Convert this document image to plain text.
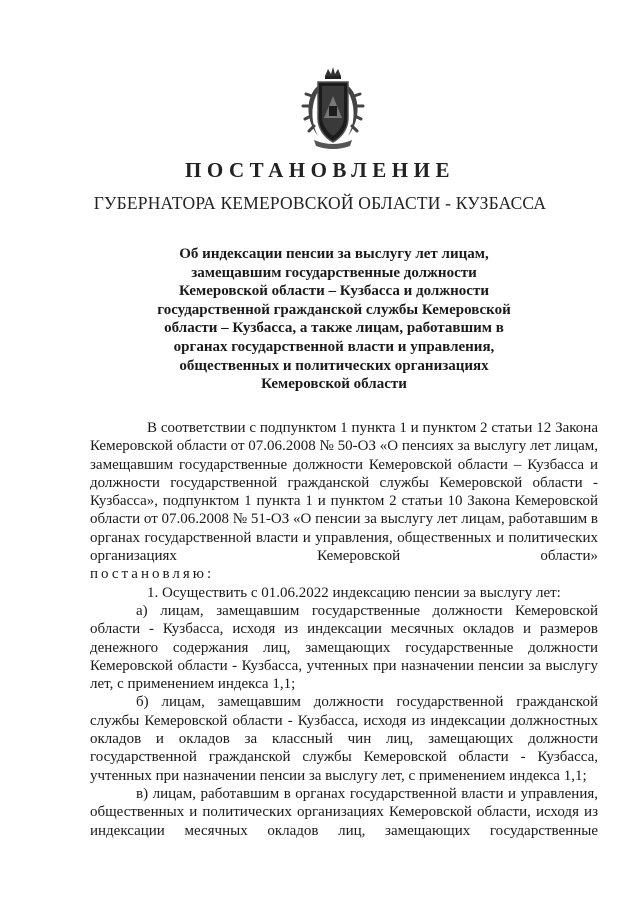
ПОСТАНОВЛЕНИЕ
ГУБЕРНАТОРА КЕМЕРОВСКОЙ ОБЛАСТИ - КУЗБАССА
Об индексации пенсии за выслугу лет лицам,
замещавшим государственные должности
Кемеровской области – Кузбасса и должности
государственной гражданской службы Кемеровской
области – Кузбасса, а также лицам, работавшим в
органах государственной власти и управления,
общественных и политических организациях
Кемеровской области

В соответствии с подпунктом 1 пункта 1 и пунктом 2 статьи 12 Закона Кемеровской области от 07.06.2008 № 50-ОЗ «О пенсиях за выслугу лет лицам, замещавшим государственные должности Кемеровской области – Кузбасса и должности государственной гражданской службы Кемеровской области - Кузбасса», подпунктом 1 пункта 1 и пунктом 2 статьи 10 Закона Кемеровской области от 07.06.2008 № 51-ОЗ «О пенсии за выслугу лет лицам, работавшим в органах государственной власти и управления, общественных и политических организациях Кемеровской области»

постановляю:

1. Осуществить с 01.06.2022 индексацию пенсии за выслугу лет:

а) лицам, замещавшим государственные должности Кемеровской области - Кузбасса, исходя из индексации месячных окладов и размеров денежного содержания лиц, замещающих государственные должности Кемеровской области - Кузбасса, учтенных при назначении пенсии за выслугу лет, с применением индекса 1,1;

б) лицам, замещавшим должности государственной гражданской службы Кемеровской области - Кузбасса, исходя из индексации должностных окладов и окладов за классный чин лиц, замещающих должности государственной гражданской службы Кемеровской области - Кузбасса, учтенных при назначении пенсии за выслугу лет, с применением индекса 1,1;

в) лицам, работавшим в органах государственной власти и управления, общественных и политических организациях Кемеровской области, исходя из индексации месячных окладов лиц, замещающих государственные
